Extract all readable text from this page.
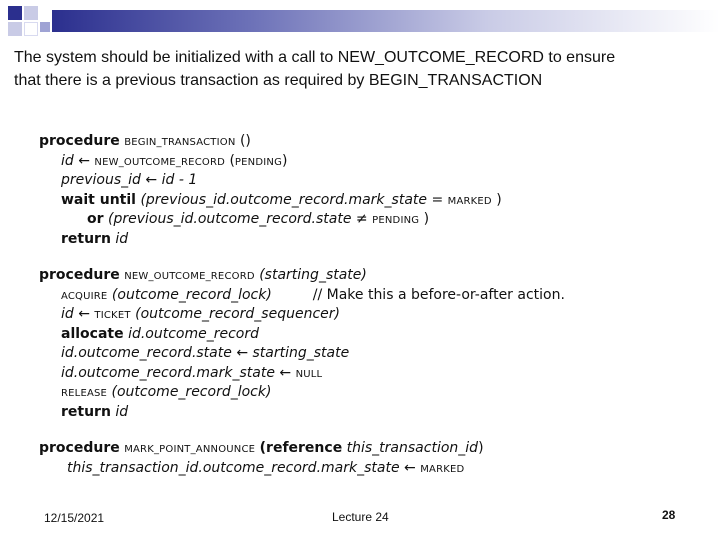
The system should be initialized with a call to NEW_OUTCOME_RECORD to ensure
that there is a previous transaction as required by BEGIN_TRANSACTION
procedure BEGIN_TRANSACTION ()
id ← NEW_OUTCOME_RECORD (PENDING)
previous_id ← id - 1
wait until (previous_id.outcome_record.mark_state = MARKED )
or (previous_id.outcome_record.state ≠ PENDING )
return id
procedure NEW_OUTCOME_RECORD (starting_state)
ACQUIRE (outcome_record_lock)	// Make this a before-or-after action.
id ← TICKET (outcome_record_sequencer)
allocate id.outcome_record
id.outcome_record.state ← starting_state
id.outcome_record.mark_state ← NULL
RELEASE (outcome_record_lock)
return id
procedure MARK_POINT_ANNOUNCE (reference this_transaction_id)
this_transaction_id.outcome_record.mark_state ← MARKED
12/15/2021	Lecture 24	28
